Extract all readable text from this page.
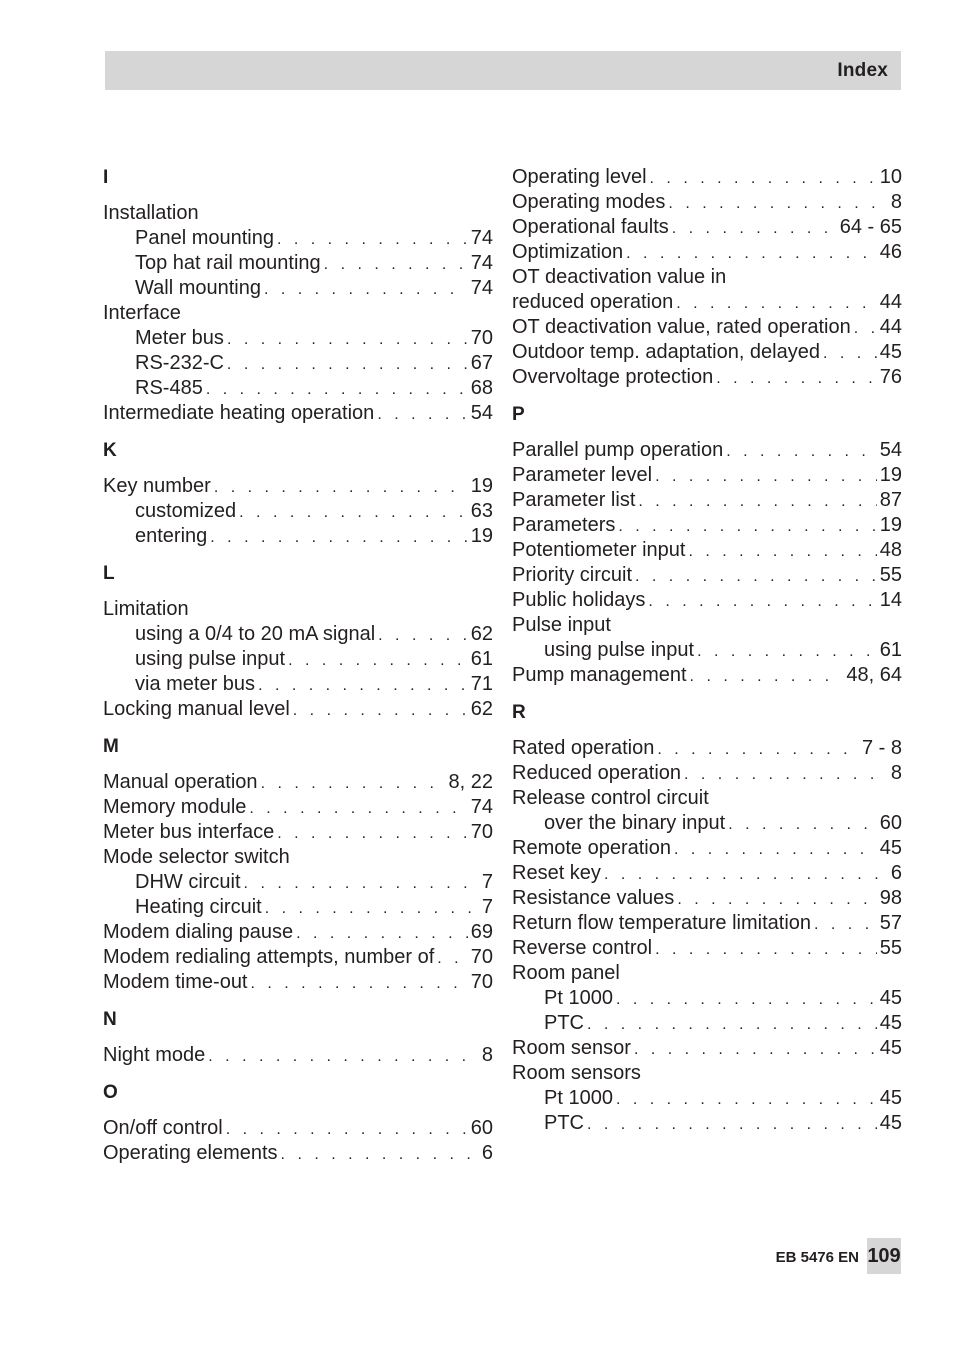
Index
I
Installation
Panel mounting . . .	74
Top hat rail mounting . . .	74
Wall mounting . . .	74
Interface
Meter bus . . .	70
RS-232-C . . .	67
RS-485 . . .	68
Intermediate heating operation . . .	54
K
Key number . . .	19
customized . . .	63
entering . . .	19
L
Limitation
using a 0/4 to 20 mA signal . . .	62
using pulse input . . .	61
via meter bus . . .	71
Locking manual level . . .	62
M
Manual operation . . .	8, 22
Memory module . . .	74
Meter bus interface . . .	70
Mode selector switch
DHW circuit . . .	7
Heating circuit . . .	7
Modem dialing pause . . .	69
Modem redialing attempts, number of . . . 70
Modem time-out . . .	70
N
Night mode . . .	8
O
On/off control . . .	60
Operating elements . . .	6
Operating level . . .	10
Operating modes . . .	8
Operational faults . . .	64 - 65
Optimization . . .	46
OT deactivation value in
reduced operation . . .	44
OT deactivation value, rated operation . . . 44
Outdoor temp. adaptation, delayed . . .	45
Overvoltage protection . . .	76
P
Parallel pump operation . . .	54
Parameter level . . .	19
Parameter list . . .	87
Parameters . . .	19
Potentiometer input . . .	48
Priority circuit . . .	55
Public holidays . . .	14
Pulse input
using pulse input . . .	61
Pump management . . .	48, 64
R
Rated operation . . .	7 - 8
Reduced operation . . .	8
Release control circuit
over the binary input . . .	60
Remote operation . . .	45
Reset key . . .	6
Resistance values . . .	98
Return flow temperature limitation . . .	57
Reverse control . . .	55
Room panel
Pt 1000 . . .	45
PTC . . .	45
Room sensor . . .	45
Room sensors
Pt 1000 . . .	45
PTC . . .	45
EB 5476 EN 109
